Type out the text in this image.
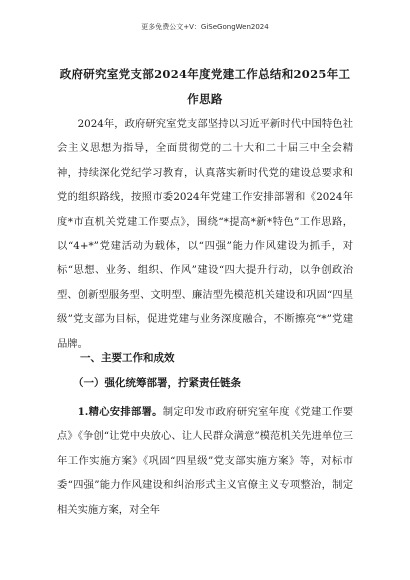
更多免费公文+V：GiSeGongWen2024
政府研究室党支部2024年度党建工作总结和2025年工作思路

2024年，政府研究室党支部坚持以习近平新时代中国特色社会主义思想为指导，全面贯彻党的二十大和二十届三中全会精神，持续深化党纪学习教育，认真落实新时代党的建设总要求和党的组织路线，按照市委2024年党建工作安排部署和《2024年度*市直机关党建工作要点》，围绕“*提高*新*特色”工作思路，以“4+*”党建活动为载体，以“四强”能力作风建设为抓手，对标“思想、业务、组织、作风”建设“四大提升行动，以争创政治型、创新型服务型、文明型、廉洁型先模范机关建设和巩固“四星级”党支部为目标，促进党建与业务深度融合，不断擦亮“*”党建品牌。

一、主要工作和成效
（一）强化统筹部署，拧紧责任链条

1.精心安排部署。制定印发市政府研究室年度《党建工作要点》《争创“让党中央放心、让人民群众满意”模范机关先进单位三年工作实施方案》《巩固“四星级”党支部实施方案》等，对标市委“四强”能力作风建设和纠治形式主义官僚主义专项整治，制定相关实施方案，对全年
